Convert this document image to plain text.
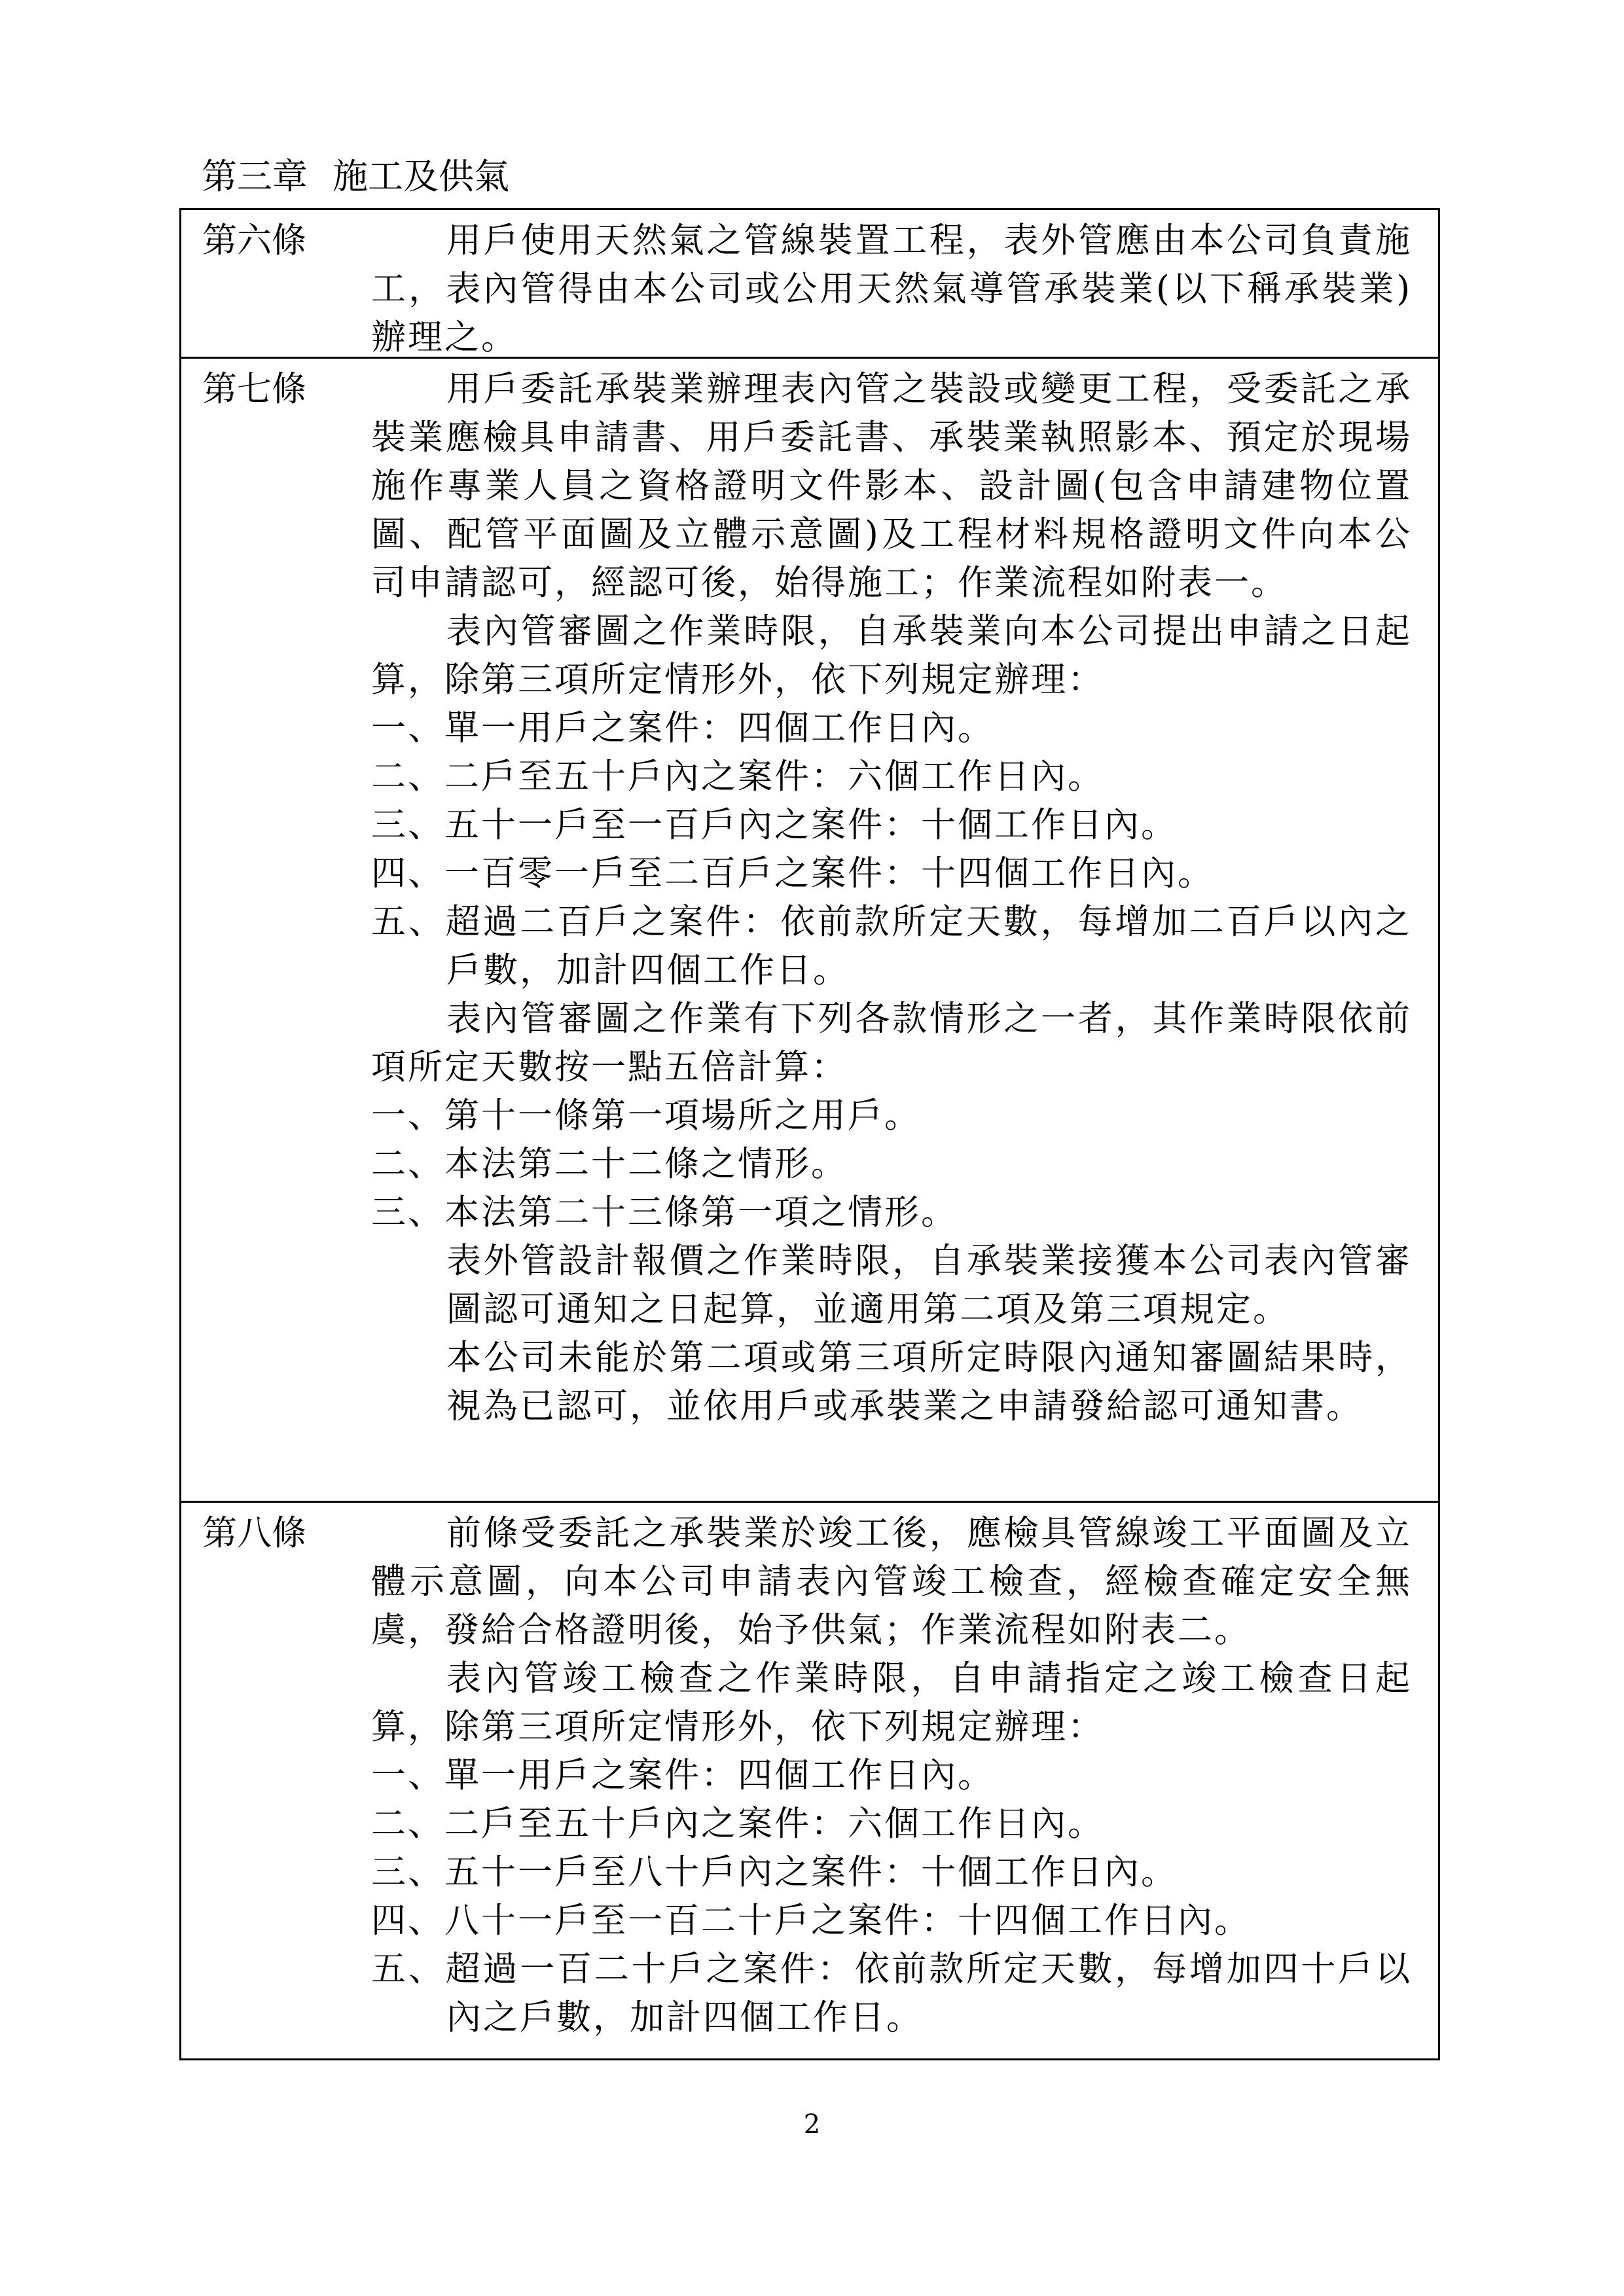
第三章 施工及供氣
第六條	用戶使用天然氣之管線裝置工程，表外管應由本公司負責施工，表內管得由本公司或公用天然氣導管承裝業(以下稱承裝業)辦理之。

第七條	用戶委託承裝業辦理表內管之裝設或變更工程，受委託之承裝業應檢具申請書、用戶委託書、承裝業執照影本、預定於現場施作專業人員之資格證明文件影本、設計圖(包含申請建物位置圖、配管平面圖及立體示意圖)及工程材料規格證明文件向本公司申請認可，經認可後，始得施工；作業流程如附表一。

表內管審圖之作業時限，自承裝業向本公司提出申請之日起算，除第三項所定情形外，依下列規定辦理：

一、單一用戶之案件：四個工作日內。

二、二戶至五十戶內之案件：六個工作日內。

三、五十一戶至一百戶內之案件：十個工作日內。

四、一百零一戶至二百戶之案件：十四個工作日內。

五、超過二百戶之案件：依前款所定天數，每增加二百戶以內之戶數，加計四個工作日。

表內管審圖之作業有下列各款情形之一者，其作業時限依前項所定天數按一點五倍計算：

一、第十一條第一項場所之用戶。

二、本法第二十二條之情形。

三、本法第二十三條第一項之情形。

表外管設計報價之作業時限，自承裝業接獲本公司表內管審圖認可通知之日起算，並適用第二項及第三項規定。

本公司未能於第二項或第三項所定時限內通知審圖結果時，視為已認可，並依用戶或承裝業之申請發給認可通知書。

第八條	前條受委託之承裝業於竣工後，應檢具管線竣工平面圖及立體示意圖，向本公司申請表內管竣工檢查，經檢查確定安全無虞，發給合格證明後，始予供氣；作業流程如附表二。

表內管竣工檢查之作業時限，自申請指定之竣工檢查日起算，除第三項所定情形外，依下列規定辦理：

一、單一用戶之案件：四個工作日內。

二、二戶至五十戶內之案件：六個工作日內。

三、五十一戶至八十戶內之案件：十個工作日內。

四、八十一戶至一百二十戶之案件：十四個工作日內。

五、超過一百二十戶之案件：依前款所定天數，每增加四十戶以內之戶數，加計四個工作日。

2
